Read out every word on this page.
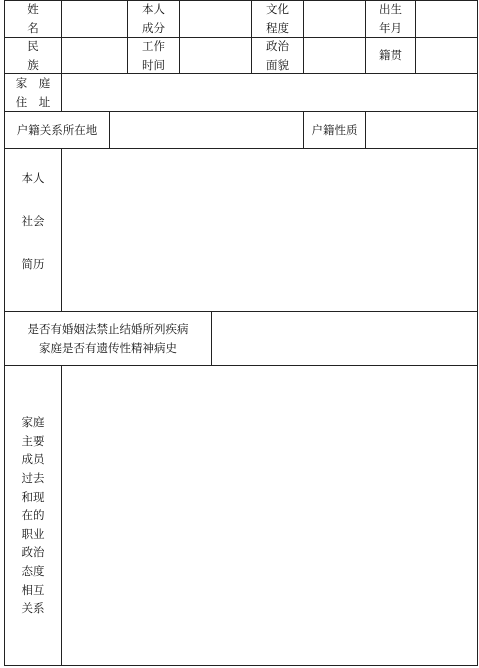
姓名
本人
成分
文化
程度
出生
年月
民族
工作
时间
政治
面貌
籍贯
家　庭
住　址
户籍关系所在地	户籍性质
本人
社会
简历
是否有婚姻法禁止结婚所列疾病
家庭是否有遗传性精神病史
家庭
主要
成员
过去
和现
在的
职业
政治
态度
相互
关系
